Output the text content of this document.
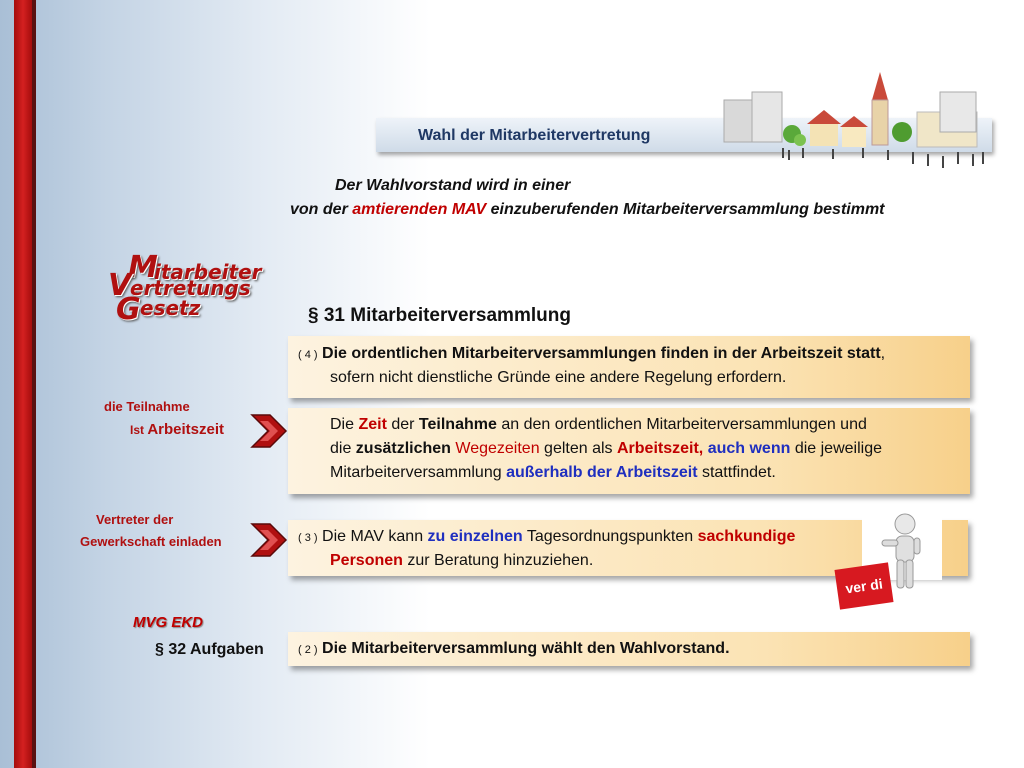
Wahl der Mitarbeitervertretung
Der Wahlvorstand wird in einer
von der amtierenden MAV einzuberufenden Mitarbeiterversammlung bestimmt
M
itarbeiter
V
ertretungs
G esetz	§ 31 Mitarbeiterversammlung
( 4 ) Die ordentlichen Mitarbeiterversammlungen finden in der Arbeitszeit statt,
sofern nicht dienstliche Gründe eine andere Regelung erfordern.
Die Zeit der Teilnahme an den ordentlichen Mitarbeiterversammlungen und
die zusätzlichen Wegezeiten gelten als Arbeitszeit, auch wenn die jeweilige
Mitarbeiterversammlung außerhalb der Arbeitszeit stattfindet.
die Teilnahme
Ist Arbeitszeit
Vertreter der
Gewerkschaft einladen	( 3 ) Die MAV kann zu einzelnen Tagesordnungspunkten sachkundige
Personen zur Beratung hinzuziehen.
ver di
MVG EKD
§ 32 Aufgaben	( 2 ) Die Mitarbeiterversammlung wählt den Wahlvorstand.
